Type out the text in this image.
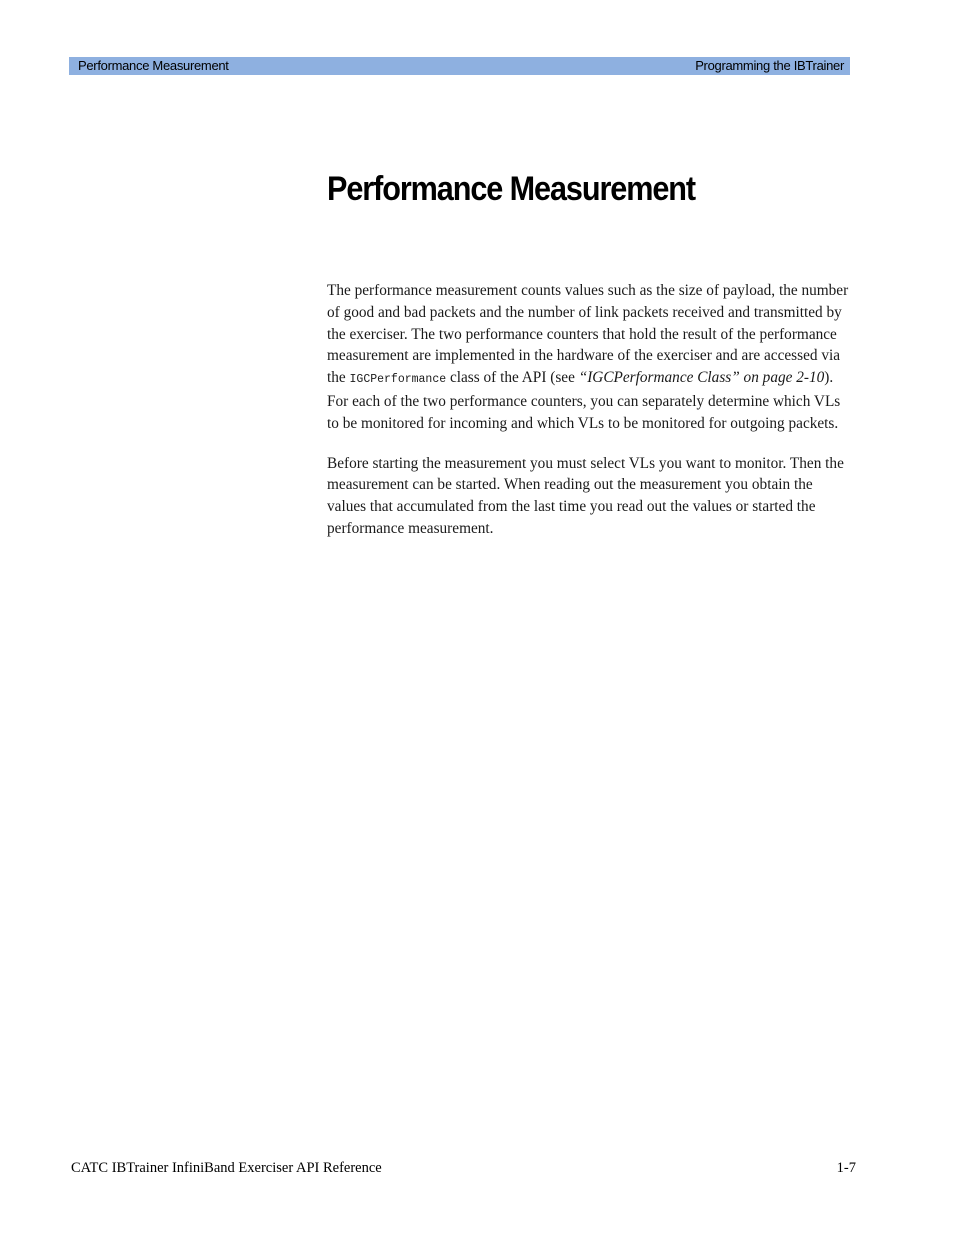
Performance Measurement	Programming the IBTrainer
Performance Measurement

The performance measurement counts values such as the size of payload, the number of good and bad packets and the number of link packets received and transmitted by the exerciser. The two performance counters that hold the result of the performance measurement are implemented in the hardware of the exerciser and are accessed via the IGCPerformance class of the API (see “IGCPerformance Class” on page 2-10). For each of the two performance counters, you can separately determine which VLs to be monitored for incoming and which VLs to be monitored for outgoing packets.

Before starting the measurement you must select VLs you want to monitor. Then the measurement can be started. When reading out the measurement you obtain the values that accumulated from the last time you read out the values or started the performance measurement.

CATC IBTrainer InfiniBand Exerciser API Reference	1-7
